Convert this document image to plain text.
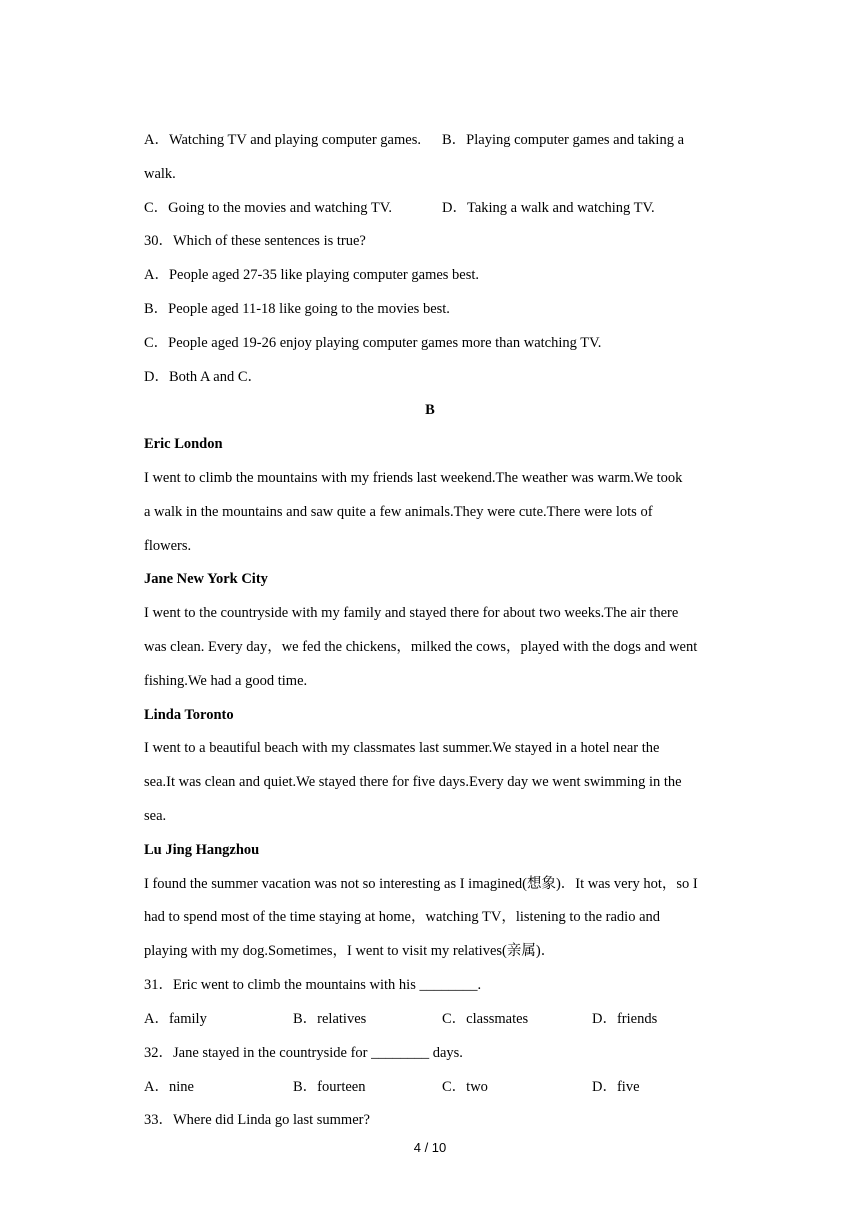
A．Watching TV and playing computer games. B．Playing computer games and taking a
walk.

C．Going to the movies and watching TV.

	D．Taking a walk and watching TV.

30．Which of these sentences is true?
A．People aged 27-35 like playing computer games best.
B．People aged 11-18 like going to the movies best.
C．People aged 19-26 enjoy playing computer games more than watching TV.
D．Both A and C．
B
Eric London
I went to climb the mountains with my friends last weekend.The weather was warm.We took
a walk in the mountains and saw quite a few animals.They were cute.There were lots of
flowers.
Jane New York City
I went to the countryside with my family and stayed there for about two weeks.The air there
was clean. Every day，we fed the chickens，milked the cows，played with the dogs and went
fishing.We had a good time.
Linda Toronto
I went to a beautiful beach with my classmates last summer.We stayed in a hotel near the
sea.It was clean and quiet.We stayed there for five days.Every day we went swimming in the
sea.
Lu Jing Hangzhou
I found the summer vacation was not so interesting as I imagined(想象)．It was very hot，so I
had to spend most of the time staying at home，watching TV，listening to the radio and
playing with my dog.Sometimes，I went to visit my relatives(亲属)．
31．Eric went to climb the mountains with his ________.

A．family

	B．relatives

	C．classmates

	D．friends

32．Jane stayed in the countryside for ________ days.

A．nine

	B．fourteen

	C．two

	D．five

33．Where did Linda go last summer?
4 / 10
